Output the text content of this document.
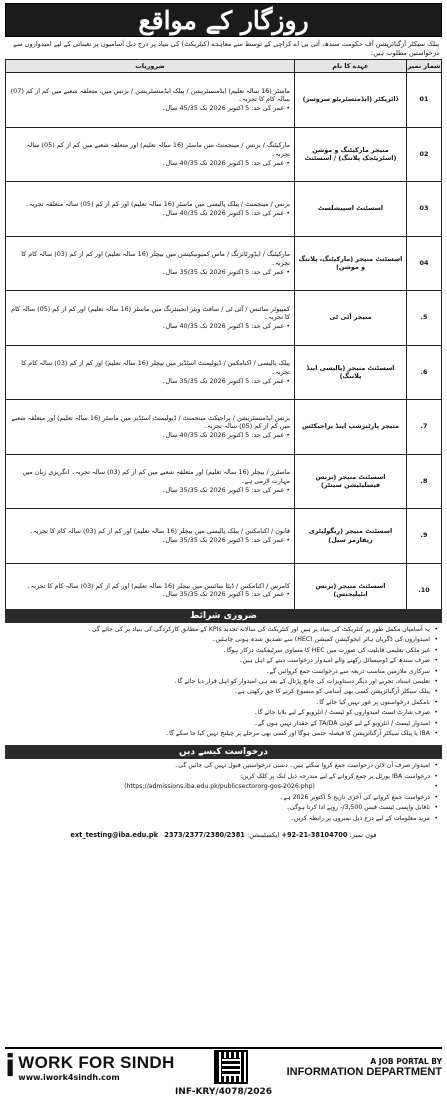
روزگار کے مواقع
پبلک سیکٹر آرگنائزیشن آف حکومت سندھ، آئی بی اے کراچی کے توسط سے معاہدے (کنٹریکٹ) کی بنیاد پر درج ذیل آسامیوں پر تعیناتی کے لیے امیدواروں سے درخواستیں مطلوب ہیں:
شمار نمبر	عہدے کا نام	ضروریات
01	ڈائریکٹر (ایڈمنسٹریٹو سروسز)	ماسٹر (16 سالہ تعلیم) ایڈمنسٹریشن / پبلک ایڈمنسٹریشن / بزنس میں، متعلقہ شعبے میں کم از کم (07) سالہ کام کا تجربہ۔
• عمر کی حد: 5 اکتوبر 2026 تک 45/35 سال۔

02	منیجر مارکیٹنگ و موشن (اسٹریٹجک پلاننگ) / اسسٹنٹ	مارکیٹنگ / بزنس / مینجمنٹ میں ماسٹر (16 سالہ تعلیم) اور متعلقہ شعبے میں کم از کم (05) سالہ تجربہ۔
• عمر کی حد: 5 اکتوبر 2026 تک 40/35 سال۔

03	اسسٹنٹ اسپیشلسٹ	بزنس / مینجمنٹ / پبلک پالیسی میں ماسٹر (16 سالہ تعلیم) اور کم از کم (05) سالہ متعلقہ تجربہ۔
• عمر کی حد: 5 اکتوبر 2026 تک 40/35 سال۔

04	اسسٹنٹ منیجر (مارکیٹنگ، پلاننگ و موشن)	مارکیٹنگ / ایڈورٹائزنگ / ماس کمیونیکیشن میں بیچلر (16 سالہ تعلیم) اور کم از کم (03) سالہ کام کا تجربہ۔
• عمر کی حد: 5 اکتوبر 2026 تک 35/35 سال۔

5.	منیجر آئی ٹی	کمپیوٹر سائنس / آئی ٹی / سافٹ ویئر انجینئرنگ میں ماسٹر (16 سالہ تعلیم) اور کم از کم (05) سالہ کام کا تجربہ۔
• عمر کی حد: 5 اکتوبر 2026 تک 40/35 سال۔

6.	اسسٹنٹ منیجر (پالیسی اینڈ پلاننگ)	پبلک پالیسی / اکنامکس / ڈیولپمنٹ اسٹڈیز میں بیچلر (16 سالہ تعلیم) اور کم از کم (03) سالہ کام کا تجربہ۔
• عمر کی حد: 5 اکتوبر 2026 تک 35/35 سال۔

7.	منیجر پارٹنرشپ اینڈ پراجیکٹس	بزنس ایڈمنسٹریشن / پراجیکٹ مینجمنٹ / ڈیولپمنٹ اسٹڈیز میں ماسٹر (16 سالہ تعلیم) اور متعلقہ شعبے میں کم از کم (05) سالہ تجربہ۔
• عمر کی حد: 5 اکتوبر 2026 تک 40/35 سال۔

8.	اسسٹنٹ منیجر (بزنس فیسلیٹیشن سینٹر)	ماسٹرز / بیچلر (16 سالہ تعلیم) اور متعلقہ شعبے میں کم از کم (03) سالہ تجربہ۔ انگریزی زبان میں مہارت لازمی ہے۔
• عمر کی حد: 5 اکتوبر 2026 تک 35/35 سال۔

9.	اسسٹنٹ منیجر (ریگولیٹری ریفارمز سیل)	قانون / اکنامکس / پبلک پالیسی میں بیچلر (16 سالہ تعلیم) اور کم از کم (03) سالہ کام کا تجربہ۔
• عمر کی حد: 5 اکتوبر 2026 تک 35/35 سال۔

10.	اسسٹنٹ منیجر (بزنس انٹیلیجنس)	کامرس / اکنامکس / ڈیٹا سائنس میں بیچلر (16 سالہ تعلیم) اور کم از کم (03) سالہ کام کا تجربہ۔
• عمر کی حد: 5 اکتوبر 2026 تک 35/35 سال۔
ضروری شرائط
• یہ آسامیاں مکمل طور پر کنٹریکٹ کی بنیاد پر ہیں اور کنٹریکٹ کی سالانہ تجدید KPIs کے مطابق کارکردگی کی بنیاد پر کی جائے گی۔
• امیدواروں کی ڈگریاں ہائر ایجوکیشن کمیشن (HEC) سے تصدیق شدہ ہونی چاہئیں۔
• غیر ملکی تعلیمی قابلیت کی صورت میں HEC کا مساوی سرٹیفکیٹ درکار ہوگا۔
• صرف سندھ کے ڈومیسائل رکھنے والے امیدوار درخواست دینے کے اہل ہیں۔
• سرکاری ملازمین مناسب ذریعہ سے درخواست جمع کروائیں گے۔
• تعلیمی اسناد، تجربے اور دیگر دستاویزات کی جانچ پڑتال کے بعد ہی امیدوار کو اہل قرار دیا جائے گا۔
• پبلک سیکٹر آرگنائزیشن کسی بھی آسامی کو منسوخ کرنے کا حق رکھتی ہے۔
• نامکمل درخواستوں پر غور نہیں کیا جائے گا۔
• صرف شارٹ لسٹ امیدواروں کو ٹیسٹ / انٹرویو کے لیے بلایا جائے گا۔
• امیدوار ٹیسٹ / انٹرویو کے لیے کوئی TA/DA کے حقدار نہیں ہوں گے۔
• IBA یا پبلک سیکٹر آرگنائزیشن کا فیصلہ حتمی ہوگا اور کسی بھی مرحلے پر چیلنج نہیں کیا جا سکے گا۔
درخواست کیسے دیں
• امیدوار صرف آن لائن درخواست جمع کروا سکتے ہیں۔ دستی درخواستیں قبول نہیں کی جائیں گی۔
• درخواست IBA پورٹل پر جمع کروانے کے لیے مندرجہ ذیل لنک پر کلک کریں:
• (https://admissions.iba.edu.pk/publicsectororg-gos-2026.php)
• درخواست جمع کروانے کی آخری تاریخ 5 اکتوبر 2026 ہے۔
• ناقابل واپسی ٹیسٹ فیس 3,500/- روپے ادا کرنا ہوگی۔
• مزید معلومات کے لیے درج ذیل نمبروں پر رابطہ کریں۔
فون نمبر: +92-21-38104700 ایکسٹینشن: 2373/2377/2380/2381   ext_testing@iba.edu.pk
i WORK FOR SINDH
www.iwork4sindh.com
A JOB PORTAL BY
INFORMATION DEPARTMENT
INF-KRY/4078/2026
